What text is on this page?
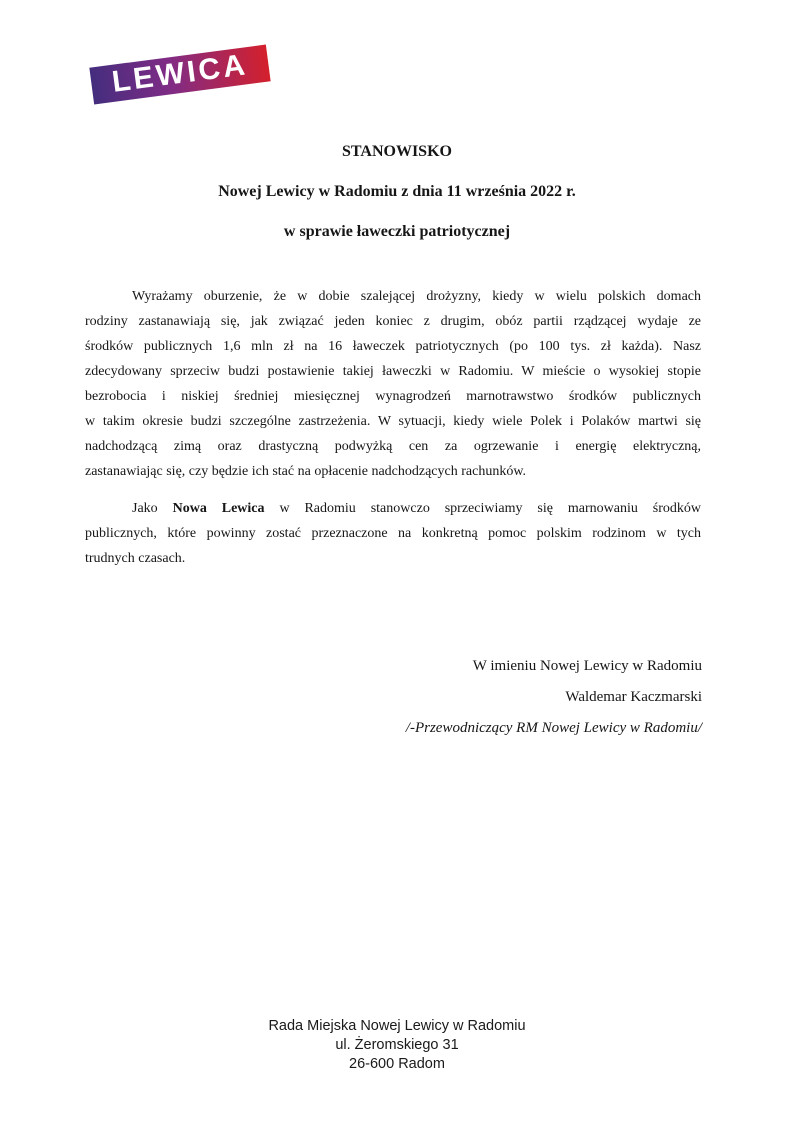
LEWICA
STANOWISKO
Nowej Lewicy w Radomiu z dnia 11 września 2022 r.
w sprawie ławeczki patriotycznej
Wyrażamy oburzenie, że w dobie szalejącej drożyzny, kiedy w wielu polskich domach
rodziny zastanawiają się, jak związać jeden koniec z drugim, obóz partii rządzącej wydaje ze
środków publicznych 1,6 mln zł na 16 ławeczek patriotycznych (po 100 tys. zł każda). Nasz
zdecydowany sprzeciw budzi postawienie takiej ławeczki w Radomiu. W mieście o wysokiej stopie
bezrobocia i niskiej średniej miesięcznej wynagrodzeń marnotrawstwo środków publicznych
w takim okresie budzi szczególne zastrzeżenia. W sytuacji, kiedy wiele Polek i Polaków martwi się
nadchodzącą zimą oraz drastyczną podwyżką cen za ogrzewanie i energię elektryczną,
zastanawiając się, czy będzie ich stać na opłacenie nadchodzących rachunków.
Jako Nowa Lewica w Radomiu stanowczo sprzeciwiamy się marnowaniu środków
publicznych, które powinny zostać przeznaczone na konkretną pomoc polskim rodzinom w tych
trudnych czasach.
W imieniu Nowej Lewicy w Radomiu
Waldemar Kaczmarski
/-Przewodniczący RM Nowej Lewicy w Radomiu/
Rada Miejska Nowej Lewicy w Radomiu
ul. Żeromskiego 31
26-600 Radom
